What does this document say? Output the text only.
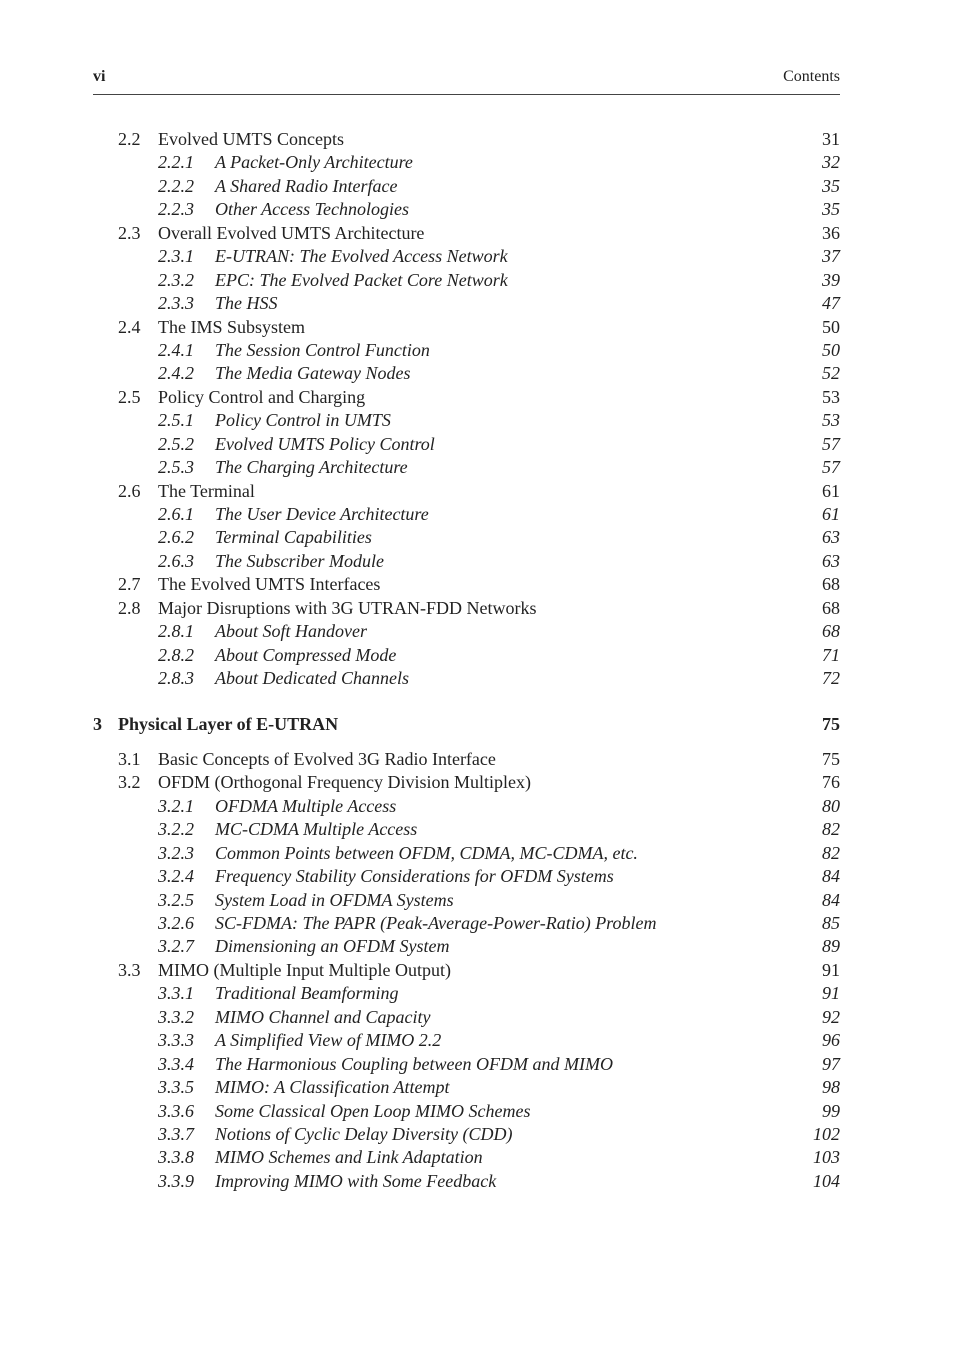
vi	Contents
2.2 Evolved UMTS Concepts	31
2.2.1 A Packet-Only Architecture	32
2.2.2 A Shared Radio Interface	35
2.2.3 Other Access Technologies	35
2.3 Overall Evolved UMTS Architecture	36
2.3.1 E-UTRAN: The Evolved Access Network	37
2.3.2 EPC: The Evolved Packet Core Network	39
2.3.3 The HSS	47
2.4 The IMS Subsystem	50
2.4.1 The Session Control Function	50
2.4.2 The Media Gateway Nodes	52
2.5 Policy Control and Charging	53
2.5.1 Policy Control in UMTS	53
2.5.2 Evolved UMTS Policy Control	57
2.5.3 The Charging Architecture	57
2.6 The Terminal	61
2.6.1 The User Device Architecture	61
2.6.2 Terminal Capabilities	63
2.6.3 The Subscriber Module	63
2.7 The Evolved UMTS Interfaces	68
2.8 Major Disruptions with 3G UTRAN-FDD Networks	68
2.8.1 About Soft Handover	68
2.8.2 About Compressed Mode	71
2.8.3 About Dedicated Channels	72
3 Physical Layer of E-UTRAN	75
3.1 Basic Concepts of Evolved 3G Radio Interface	75
3.2 OFDM (Orthogonal Frequency Division Multiplex)	76
3.2.1 OFDMA Multiple Access	80
3.2.2 MC-CDMA Multiple Access	82
3.2.3 Common Points between OFDM, CDMA, MC-CDMA, etc.	82
3.2.4 Frequency Stability Considerations for OFDM Systems	84
3.2.5 System Load in OFDMA Systems	84
3.2.6 SC-FDMA: The PAPR (Peak-Average-Power-Ratio) Problem	85
3.2.7 Dimensioning an OFDM System	89
3.3 MIMO (Multiple Input Multiple Output)	91
3.3.1 Traditional Beamforming	91
3.3.2 MIMO Channel and Capacity	92
3.3.3 A Simplified View of MIMO 2.2	96
3.3.4 The Harmonious Coupling between OFDM and MIMO	97
3.3.5 MIMO: A Classification Attempt	98
3.3.6 Some Classical Open Loop MIMO Schemes	99
3.3.7 Notions of Cyclic Delay Diversity (CDD)	102
3.3.8 MIMO Schemes and Link Adaptation	103
3.3.9 Improving MIMO with Some Feedback	104
